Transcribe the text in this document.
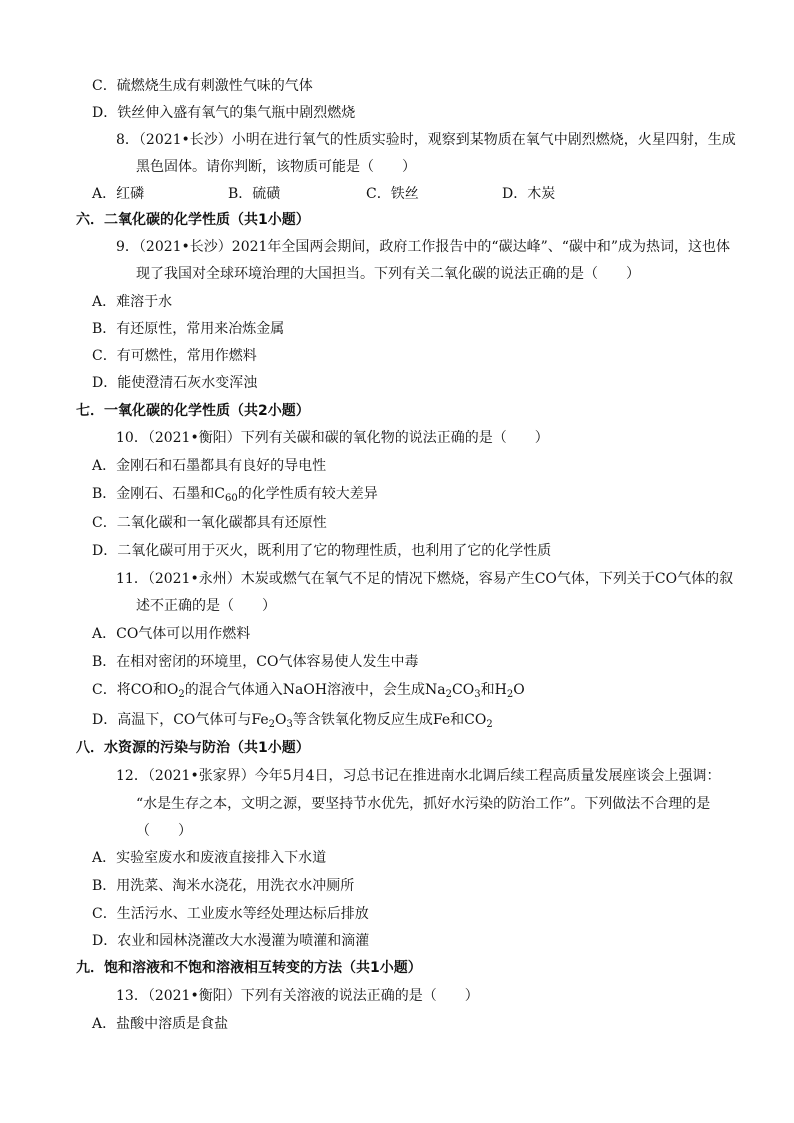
C．硫燃烧生成有刺激性气味的气体
D．铁丝伸入盛有氧气的集气瓶中剧烈燃烧
8．（2021•长沙）小明在进行氧气的性质实验时，观察到某物质在氧气中剧烈燃烧，火星四射，生成
黑色固体。请你判断，该物质可能是（　　）
A．红磷	B．硫磺	C．铁丝	D．木炭
六．二氧化碳的化学性质（共1小题）
9．（2021•长沙）2021年全国两会期间，政府工作报告中的“碳达峰”、“碳中和”成为热词，这也体
现了我国对全球环境治理的大国担当。下列有关二氧化碳的说法正确的是（　　）
A．难溶于水
B．有还原性，常用来冶炼金属
C．有可燃性，常用作燃料
D．能使澄清石灰水变浑浊
七．一氧化碳的化学性质（共2小题）
10．（2021•衡阳）下列有关碳和碳的氧化物的说法正确的是（　　）
A．金刚石和石墨都具有良好的导电性
B．金刚石、石墨和$C_{60}$的化学性质有较大差异
C．二氧化碳和一氧化碳都具有还原性
D．二氧化碳可用于灭火，既利用了它的物理性质，也利用了它的化学性质
11．（2021•永州）木炭或燃气在氧气不足的情况下燃烧，容易产生CO气体，下列关于CO气体的叙
述不正确的是（　　）
A．CO气体可以用作燃料
B．在相对密闭的环境里，CO气体容易使人发生中毒
C．将CO和$O_2$的混合气体通入NaOH溶液中，会生成$Na_2CO_3$和$H_2O$
D．高温下，CO气体可与$Fe_2O_3$等含铁氧化物反应生成Fe和$CO_2$
八．水资源的污染与防治（共1小题）
12．（2021•张家界）今年5月4日，习总书记在推进南水北调后续工程高质量发展座谈会上强调：
“水是生存之本，文明之源，要坚持节水优先，抓好水污染的防治工作”。下列做法不合理的是
（　　）
A．实验室废水和废液直接排入下水道
B．用洗菜、淘米水浇花，用洗衣水冲厕所
C．生活污水、工业废水等经处理达标后排放
D．农业和园林浇灌改大水漫灌为喷灌和滴灌
九．饱和溶液和不饱和溶液相互转变的方法（共1小题）
13．（2021•衡阳）下列有关溶液的说法正确的是（　　）
A．盐酸中溶质是食盐
